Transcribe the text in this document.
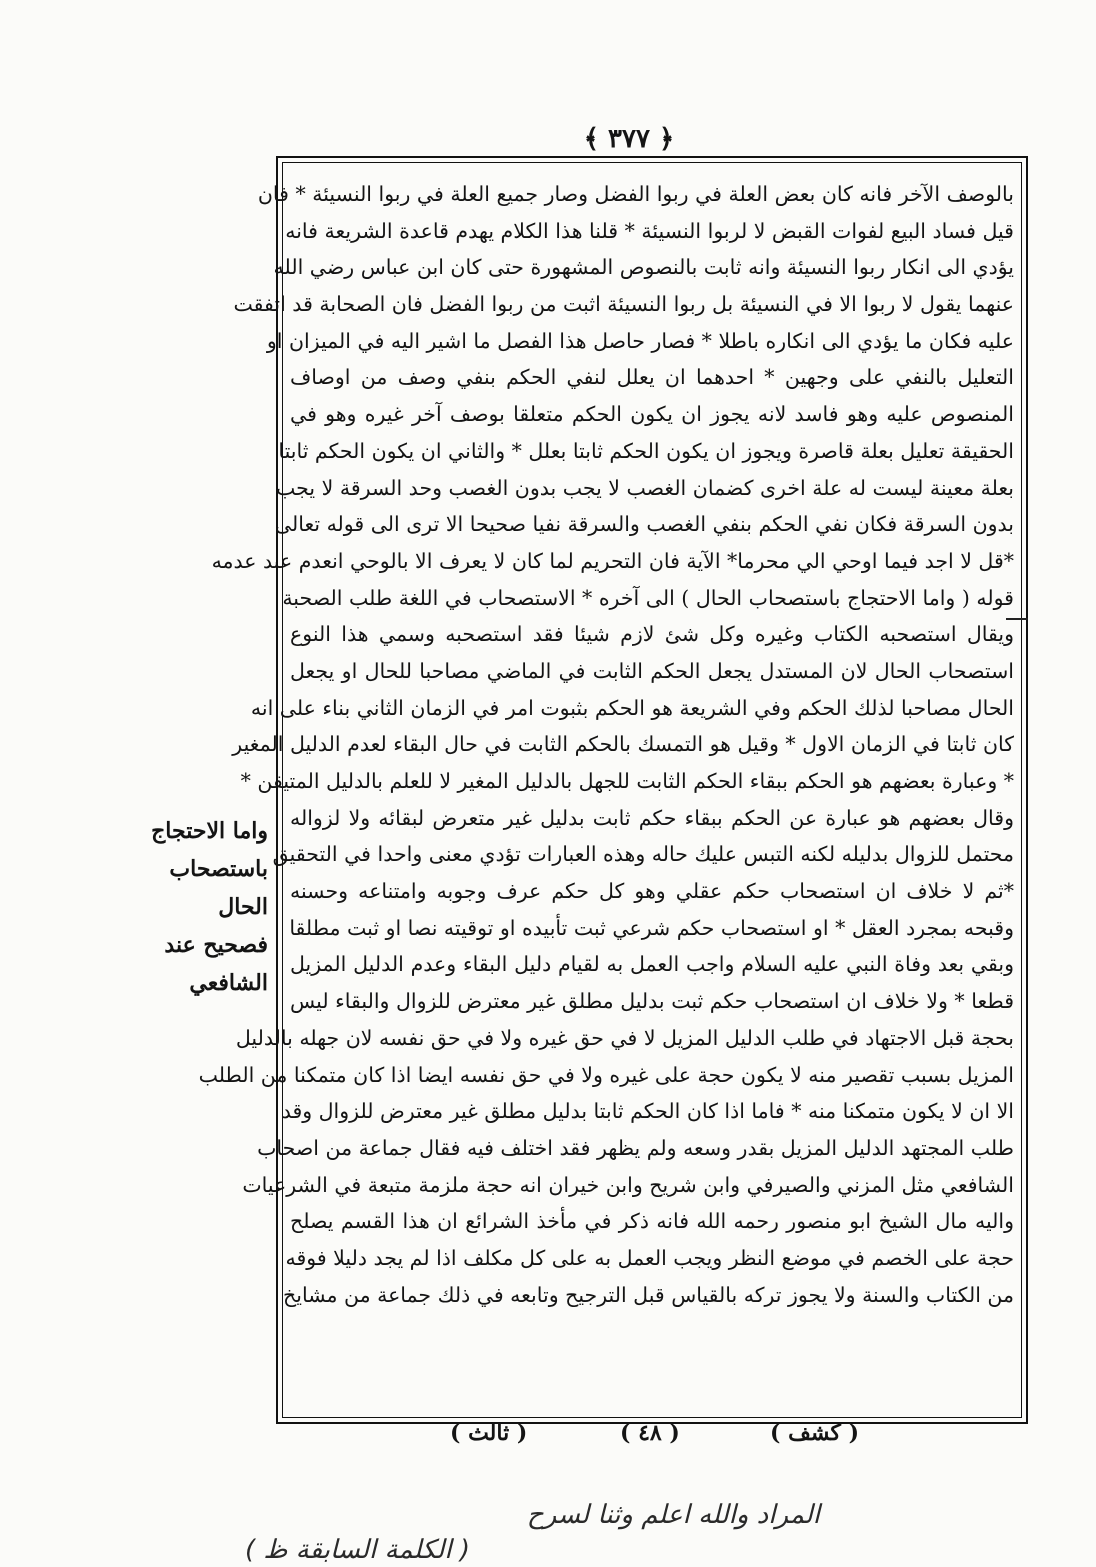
﴿ ٣٧٧ ﴾
بالوصف الآخر فانه كان بعض العلة في ربوا الفضل وصار جميع العلة في ربوا النسيئة * فان
قيل فساد البيع لفوات القبض لا لربوا النسيئة * قلنا هذا الكلام يهدم قاعدة الشريعة فانه
يؤدي الى انكار ربوا النسيئة وانه ثابت بالنصوص المشهورة حتى كان ابن عباس رضي الله
عنهما يقول لا ربوا الا في النسيئة بل ربوا النسيئة اثبت من ربوا الفضل فان الصحابة قد اتفقت
عليه فكان ما يؤدي الى انكاره باطلا * فصار حاصل هذا الفصل ما اشير اليه في الميزان او
التعليل بالنفي على وجهين * احدهما ان يعلل لنفي الحكم بنفي وصف من اوصاف
المنصوص عليه وهو فاسد لانه يجوز ان يكون الحكم متعلقا بوصف آخر غيره وهو في
الحقيقة تعليل بعلة قاصرة ويجوز ان يكون الحكم ثابتا بعلل * والثاني ان يكون الحكم ثابتا
بعلة معينة ليست له علة اخرى كضمان الغصب لا يجب بدون الغصب وحد السرقة لا يجب
بدون السرقة فكان نفي الحكم بنفي الغصب والسرقة نفيا صحيحا الا ترى الى قوله تعالى
*قل لا اجد فيما اوحي الي محرما* الآية فان التحريم لما كان لا يعرف الا بالوحي انعدم عند عدمه
قوله ( واما الاحتجاج باستصحاب الحال ) الى آخره * الاستصحاب في اللغة طلب الصحبة
ويقال استصحبه الكتاب وغيره وكل شئ لازم شيئا فقد استصحبه وسمي هذا النوع
استصحاب الحال لان المستدل يجعل الحكم الثابت في الماضي مصاحبا للحال او يجعل
الحال مصاحبا لذلك الحكم وفي الشريعة هو الحكم بثبوت امر في الزمان الثاني بناء على انه
كان ثابتا في الزمان الاول * وقيل هو التمسك بالحكم الثابت في حال البقاء لعدم الدليل المغير
* وعبارة بعضهم هو الحكم ببقاء الحكم الثابت للجهل بالدليل المغير لا للعلم بالدليل المتيقن *
وقال بعضهم هو عبارة عن الحكم ببقاء حكم ثابت بدليل غير متعرض لبقائه ولا لزواله
محتمل للزوال بدليله لكنه التبس عليك حاله وهذه العبارات تؤدي معنى واحدا في التحقيق
*ثم لا خلاف ان استصحاب حكم عقلي وهو كل حكم عرف وجوبه وامتناعه وحسنه
وقبحه بمجرد العقل * او استصحاب حكم شرعي ثبت تأبيده او توقيته نصا او ثبت مطلقا
وبقي بعد وفاة النبي عليه السلام واجب العمل به لقيام دليل البقاء وعدم الدليل المزيل
قطعا * ولا خلاف ان استصحاب حكم ثبت بدليل مطلق غير معترض للزوال والبقاء ليس
بحجة قبل الاجتهاد في طلب الدليل المزيل لا في حق غيره ولا في حق نفسه لان جهله بالدليل
المزيل بسبب تقصير منه لا يكون حجة على غيره ولا في حق نفسه ايضا اذا كان متمكنا من الطلب
الا ان لا يكون متمكنا منه * فاما اذا كان الحكم ثابتا بدليل مطلق غير معترض للزوال وقد
طلب المجتهد الدليل المزيل بقدر وسعه ولم يظهر فقد اختلف فيه فقال جماعة من اصحاب
الشافعي مثل المزني والصيرفي وابن شريح وابن خيران انه حجة ملزمة متبعة في الشرعيات
واليه مال الشيخ ابو منصور رحمه الله فانه ذكر في مأخذ الشرائع ان هذا القسم يصلح
حجة على الخصم في موضع النظر ويجب العمل به على كل مكلف اذا لم يجد دليلا فوقه
من الكتاب والسنة ولا يجوز تركه بالقياس قبل الترجيح وتابعه في ذلك جماعة من مشايخ
واما الاحتجاج
باستصحاب الحال
فصحيح عند الشافعي
( كشف )
( ٤٨ )
( ثالث )
المراد والله اعلم وثنا لسرح
( الكلمة السابقة ظ )
